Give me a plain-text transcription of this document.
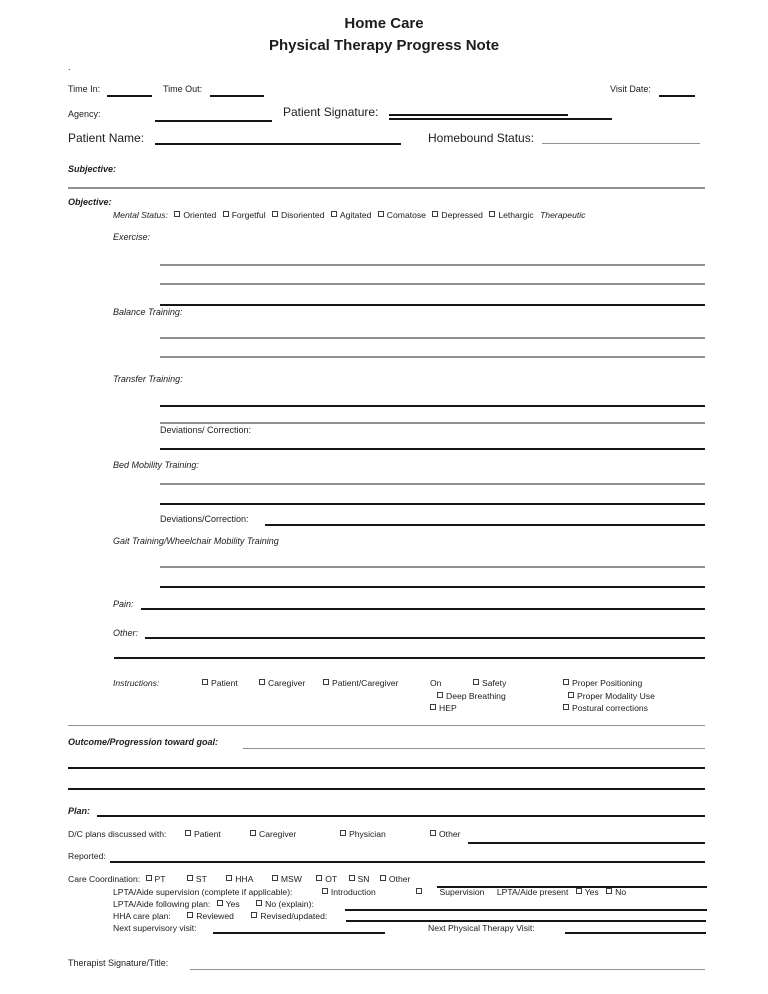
Home Care
Physical Therapy Progress Note
.
Time In:	Time Out:	Visit Date:
Agency:	Patient Signature:
Patient Name:	Homebound Status:
Subjective:
Objective:
Mental Status: Oriented Forgetful Disoriented Agitated Comatose Depressed Lethargic Therapeutic
Exercise:
Balance Training:
Transfer Training:
Deviations/ Correction:
Bed Mobility Training:
Deviations/Correction:
Gait Training/Wheelchair Mobility Training
Pain:
Other:
Instructions:	Patient	Caregiver	Patient/Caregiver	On	Safety	Proper Positioning
Deep Breathing	Proper Modality Use
HEP	Postural corrections
Outcome/Progression toward goal:
Plan:
D/C plans discussed with:	Patient	Caregiver	Physician	Other
Reported:
Care Coordination: PT	ST	HHA	MSW	OT SN Other
LPTA/Aide supervision (complete if applicable):	Introduction	Supervision LPTA/Aide present Yes No
LPTA/Aide following plan: Yes	No (explain):
HHA care plan:	Reviewed	Revised/updated:
Next supervisory visit:	Next Physical Therapy Visit:
Therapist Signature/Title:
